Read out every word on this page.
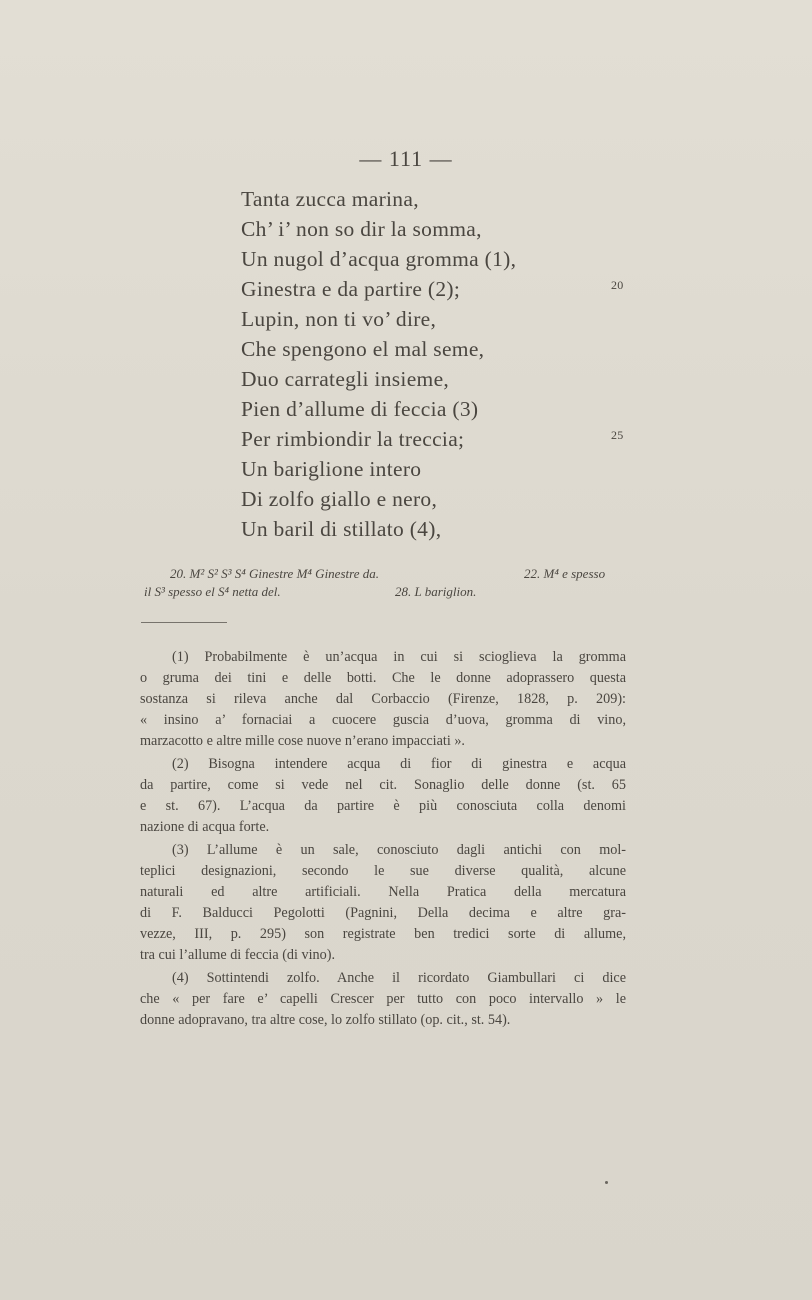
— 111 —
Tanta zucca marina,
Ch’ i’ non so dir la somma,
Un nugol d’acqua gromma (1),
Ginestra e da partire (2);	20
Lupin, non ti vo’ dire,
Che spengono el mal seme,
Duo carrategli insieme,
Pien d’allume di feccia (3)
Per rimbiondir la treccia;	25
Un bariglione intero
Di zolfo giallo e nero,
Un baril di stillato (4),
20. M² S² S³ S⁴ Ginestre M⁴ Ginestre da.	22. M⁴ e spesso
il S³ spesso el S⁴ netta del.	28. L bariglion.
(1) Probabilmente è un’acqua in cui si scioglieva la gromma
o gruma dei tini e delle botti. Che le donne adoprassero questa
sostanza si rileva anche dal Corbaccio (Firenze, 1828, p. 209):
« insino a’ fornaciai a cuocere guscia d’uova, gromma di vino,
marzacotto e altre mille cose nuove n’erano impacciati ».
(2) Bisogna intendere acqua di fior di ginestra e acqua
da partire, come si vede nel cit. Sonaglio delle donne (st. 65
e st. 67). L’acqua da partire è più conosciuta colla denomi
nazione di acqua forte.
(3) L’allume è un sale, conosciuto dagli antichi con mol-
teplici designazioni, secondo le sue diverse qualità, alcune
naturali ed altre artificiali. Nella Pratica della mercatura
di F. Balducci Pegolotti (Pagnini, Della decima e altre gra-
vezze, III, p. 295) son registrate ben tredici sorte di allume,
tra cui l’allume di feccia (di vino).
(4) Sottintendi zolfo. Anche il ricordato Giambullari ci dice
che « per fare e’ capelli Crescer per tutto con poco intervallo » le
donne adopravano, tra altre cose, lo zolfo stillato (op. cit., st. 54).
